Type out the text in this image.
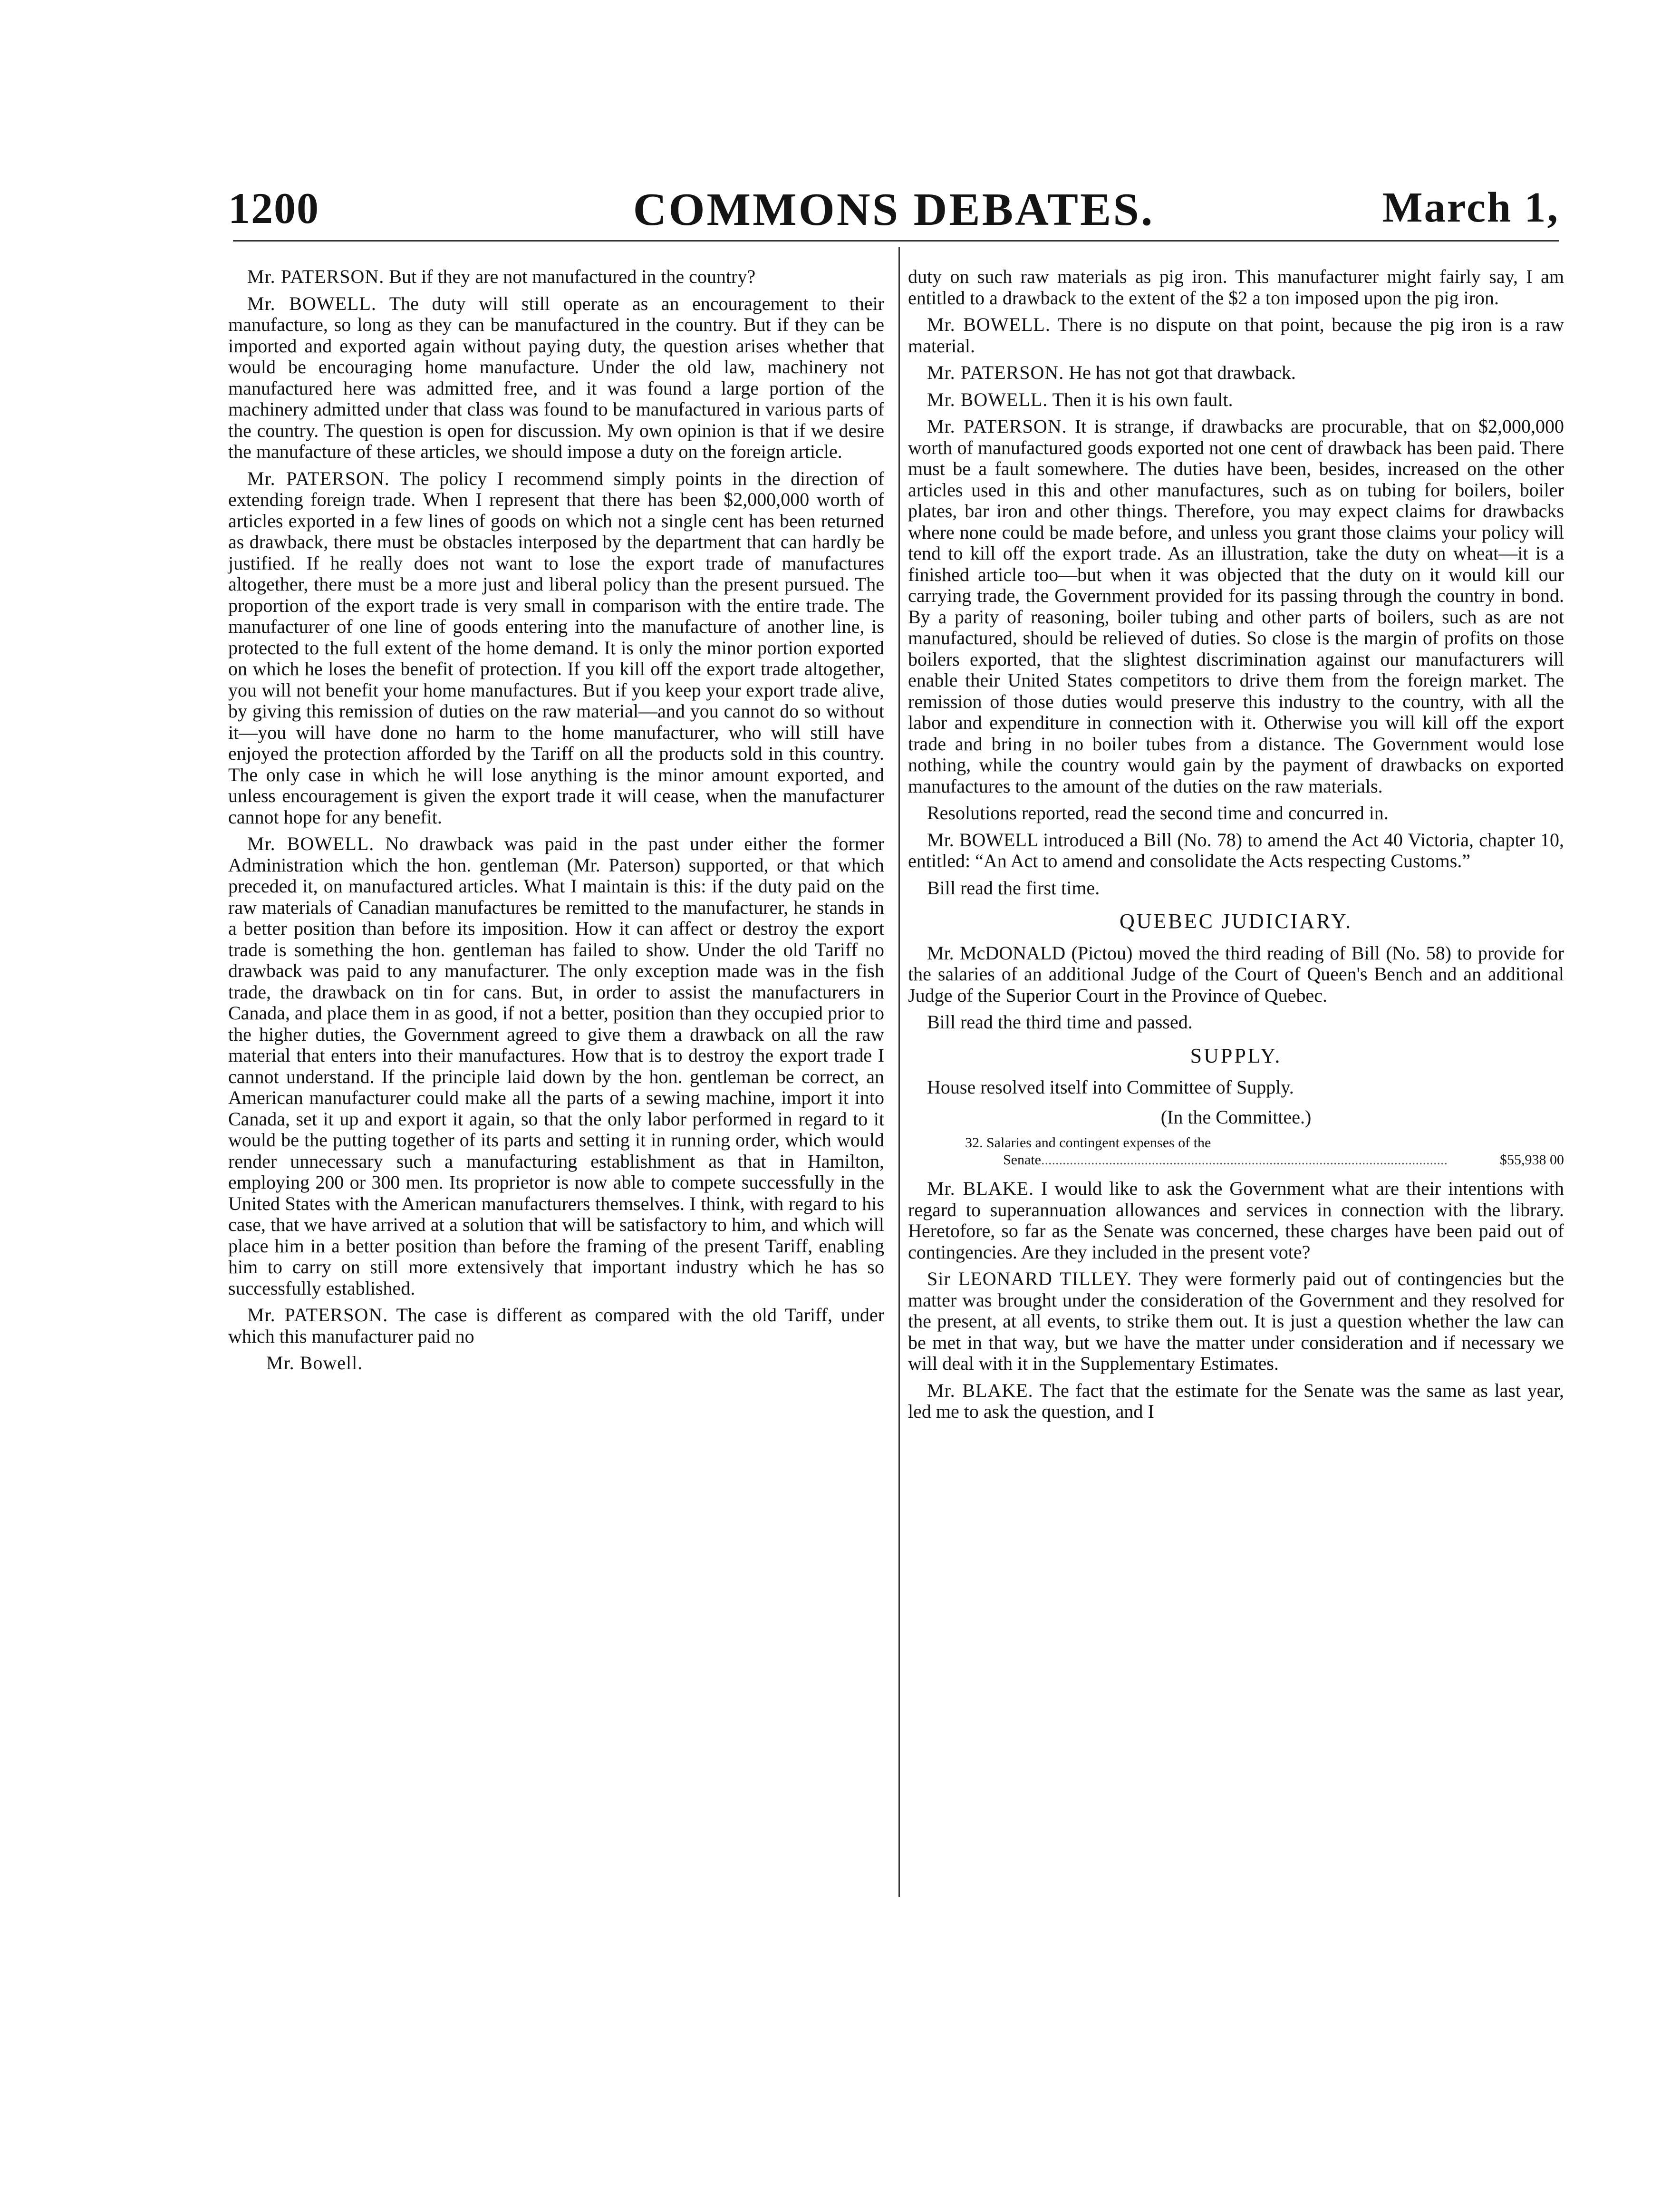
1200	COMMONS DEBATES.	March 1,

Mr. PATERSON. But if they are not manufactured in the country?

Mr. BOWELL. The duty will still operate as an encouragement to their manufacture, so long as they can be manufactured in the country. But if they can be imported and exported again without paying duty, the question arises whether that would be encouraging home manufacture. Under the old law, machinery not manufactured here was admitted free, and it was found a large portion of the machinery admitted under that class was found to be manufactured in various parts of the country. The question is open for discussion. My own opinion is that if we desire the manufacture of these articles, we should impose a duty on the foreign article.

Mr. PATERSON. The policy I recommend simply points in the direction of extending foreign trade. When I represent that there has been $2,000,000 worth of articles exported in a few lines of goods on which not a single cent has been returned as drawback, there must be obstacles interposed by the department that can hardly be justified. If he really does not want to lose the export trade of manufactures altogether, there must be a more just and liberal policy than the present pursued. The proportion of the export trade is very small in comparison with the entire trade. The manufacturer of one line of goods entering into the manufacture of another line, is protected to the full extent of the home demand. It is only the minor portion exported on which he loses the benefit of protection. If you kill off the export trade altogether, you will not benefit your home manufactures. But if you keep your export trade alive, by giving this remission of duties on the raw material—and you cannot do so without it—you will have done no harm to the home manufacturer, who will still have enjoyed the protection afforded by the Tariff on all the products sold in this country. The only case in which he will lose anything is the minor amount exported, and unless encouragement is given the export trade it will cease, when the manufacturer cannot hope for any benefit.

Mr. BOWELL. No drawback was paid in the past under either the former Administration which the hon. gentleman (Mr. Paterson) supported, or that which preceded it, on manufactured articles. What I maintain is this: if the duty paid on the raw materials of Canadian manufactures be remitted to the manufacturer, he stands in a better position than before its imposition. How it can affect or destroy the export trade is something the hon. gentleman has failed to show. Under the old Tariff no drawback was paid to any manufacturer. The only exception made was in the fish trade, the drawback on tin for cans. But, in order to assist the manufacturers in Canada, and place them in as good, if not a better, position than they occupied prior to the higher duties, the Government agreed to give them a drawback on all the raw material that enters into their manufactures. How that is to destroy the export trade I cannot understand. If the principle laid down by the hon. gentleman be correct, an American manufacturer could make all the parts of a sewing machine, import it into Canada, set it up and export it again, so that the only labor performed in regard to it would be the putting together of its parts and setting it in running order, which would render unnecessary such a manufacturing establishment as that in Hamilton, employing 200 or 300 men. Its proprietor is now able to compete successfully in the United States with the American manufacturers themselves. I think, with regard to his case, that we have arrived at a solution that will be satisfactory to him, and which will place him in a better position than before the framing of the present Tariff, enabling him to carry on still more extensively that important industry which he has so successfully established.

Mr. PATERSON. The case is different as compared with the old Tariff, under which this manufacturer paid no

Mr. Bowell.

duty on such raw materials as pig iron. This manufacturer might fairly say, I am entitled to a drawback to the extent of the $2 a ton imposed upon the pig iron.

Mr. BOWELL. There is no dispute on that point, because the pig iron is a raw material.

Mr. PATERSON. He has not got that drawback.

Mr. BOWELL. Then it is his own fault.

Mr. PATERSON. It is strange, if drawbacks are procurable, that on $2,000,000 worth of manufactured goods exported not one cent of drawback has been paid. There must be a fault somewhere. The duties have been, besides, increased on the other articles used in this and other manufactures, such as on tubing for boilers, boiler plates, bar iron and other things. Therefore, you may expect claims for drawbacks where none could be made before, and unless you grant those claims your policy will tend to kill off the export trade. As an illustration, take the duty on wheat—it is a finished article too—but when it was objected that the duty on it would kill our carrying trade, the Government provided for its passing through the country in bond. By a parity of reasoning, boiler tubing and other parts of boilers, such as are not manufactured, should be relieved of duties. So close is the margin of profits on those boilers exported, that the slightest discrimination against our manufacturers will enable their United States competitors to drive them from the foreign market. The remission of those duties would preserve this industry to the country, with all the labor and expenditure in connection with it. Otherwise you will kill off the export trade and bring in no boiler tubes from a distance. The Government would lose nothing, while the country would gain by the payment of drawbacks on exported manufactures to the amount of the duties on the raw materials.

Resolutions reported, read the second time and concurred in.

Mr. BOWELL introduced a Bill (No. 78) to amend the Act 40 Victoria, chapter 10, entitled: “An Act to amend and consolidate the Acts respecting Customs.”

Bill read the first time.

QUEBEC JUDICIARY.

Mr. McDONALD (Pictou) moved the third reading of Bill (No. 58) to provide for the salaries of an additional Judge of the Court of Queen's Bench and an additional Judge of the Superior Court in the Province of Quebec.

Bill read the third time and passed.

SUPPLY.

House resolved itself into Committee of Supply.

(In the Committee.)
32. Salaries and contingent expenses of the
Senate ..................................................................................................................	$55,938 00

Mr. BLAKE. I would like to ask the Government what are their intentions with regard to superannuation allowances and services in connection with the library. Heretofore, so far as the Senate was concerned, these charges have been paid out of contingencies. Are they included in the present vote?

Sir LEONARD TILLEY. They were formerly paid out of contingencies but the matter was brought under the consideration of the Government and they resolved for the present, at all events, to strike them out. It is just a question whether the law can be met in that way, but we have the matter under consideration and if necessary we will deal with it in the Supplementary Estimates.

Mr. BLAKE. The fact that the estimate for the Senate was the same as last year, led me to ask the question, and I
